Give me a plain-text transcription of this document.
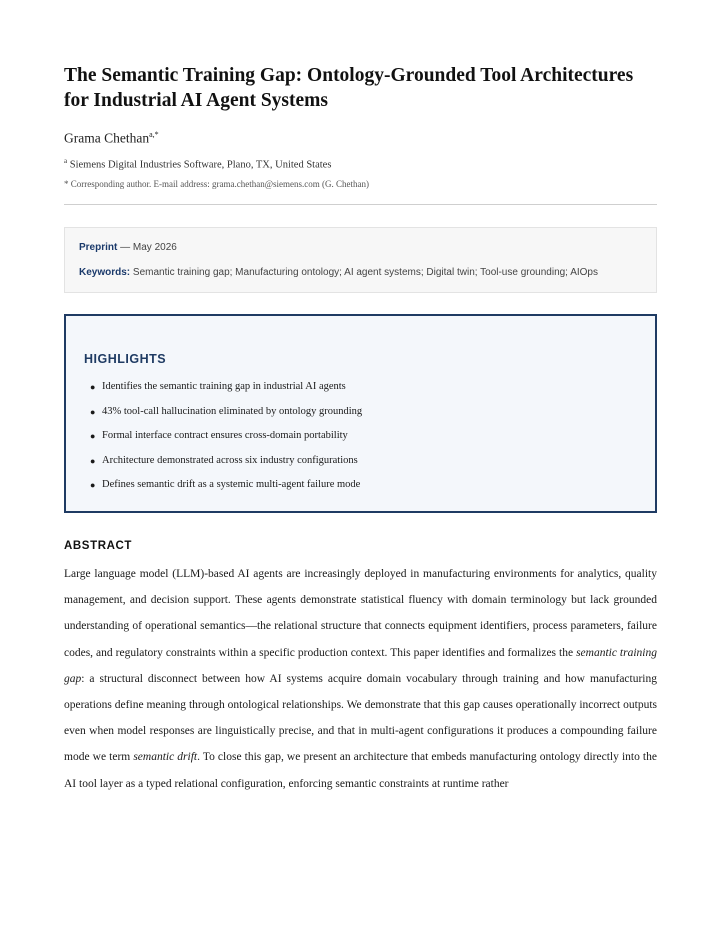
The Semantic Training Gap: Ontology-Grounded Tool Architectures for Industrial AI Agent Systems
Grama Chethan$^{a,*}$
$^a$ Siemens Digital Industries Software, Plano, TX, United States
* Corresponding author. E-mail address: grama.chethan@siemens.com (G. Chethan)
Preprint — May 2026
Keywords: Semantic training gap; Manufacturing ontology; AI agent systems; Digital twin; Tool-use grounding; AIOps
HIGHLIGHTS
● Identifies the semantic training gap in industrial AI agents
● 43% tool-call hallucination eliminated by ontology grounding
● Formal interface contract ensures cross-domain portability
● Architecture demonstrated across six industry configurations
● Defines semantic drift as a systemic multi-agent failure mode
ABSTRACT
Large language model (LLM)-based AI agents are increasingly deployed in manufacturing environments for analytics, quality management, and decision support. These agents demonstrate statistical fluency with domain terminology but lack grounded understanding of operational semantics—the relational structure that connects equipment identifiers, process parameters, failure codes, and regulatory constraints within a specific production context. This paper identifies and formalizes the semantic training gap: a structural disconnect between how AI systems acquire domain vocabulary through training and how manufacturing operations define meaning through ontological relationships. We demonstrate that this gap causes operationally incorrect outputs even when model responses are linguistically precise, and that in multi-agent configurations it produces a compounding failure mode we term semantic drift. To close this gap, we present an architecture that embeds manufacturing ontology directly into the AI tool layer as a typed relational configuration, enforcing semantic constraints at runtime rather
